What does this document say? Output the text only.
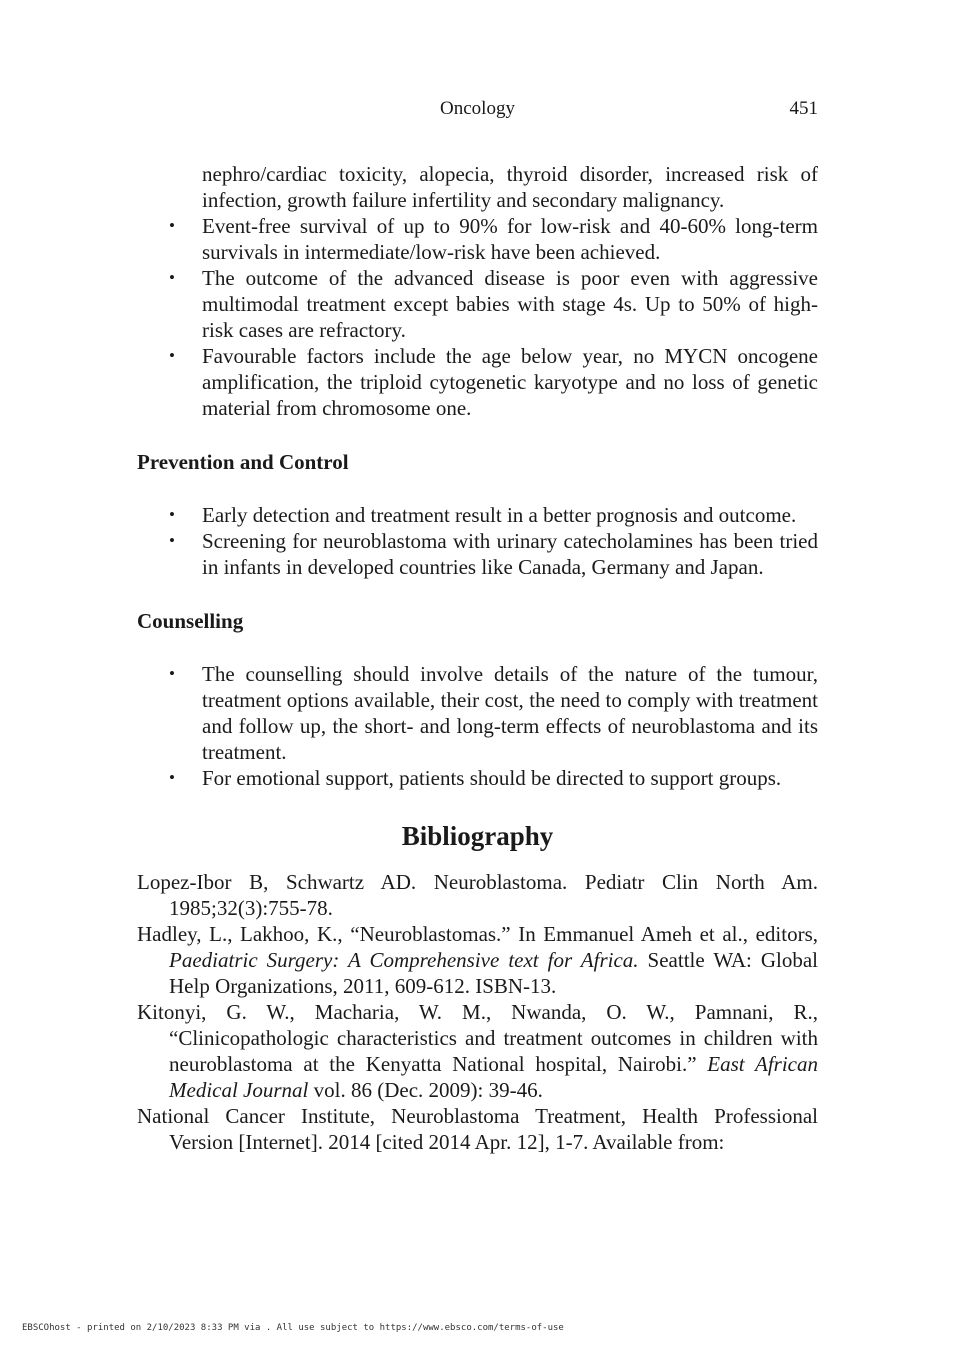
Oncology	451

nephro/cardiac toxicity, alopecia, thyroid disorder, increased risk of infection, growth failure infertility and secondary malignancy.

• Event-free survival of up to 90% for low-risk and 40-60% long-term survivals in intermediate/low-risk have been achieved.
• The outcome of the advanced disease is poor even with aggressive multimodal treatment except babies with stage 4s. Up to 50% of high-risk cases are refractory.
• Favourable factors include the age below year, no MYCN oncogene amplification, the triploid cytogenetic karyotype and no loss of genetic material from chromosome one.
Prevention and Control
• Early detection and treatment result in a better prognosis and outcome.
• Screening for neuroblastoma with urinary catecholamines has been tried in infants in developed countries like Canada, Germany and Japan.
Counselling
• The counselling should involve details of the nature of the tumour, treatment options available, their cost, the need to comply with treatment and follow up, the short- and long-term effects of neuroblastoma and its treatment.
• For emotional support, patients should be directed to support groups.
Bibliography

Lopez-Ibor B, Schwartz AD. Neuroblastoma. Pediatr Clin North Am. 1985;32(3):755-78.

Hadley, L., Lakhoo, K., “Neuroblastomas.” In Emmanuel Ameh et al., editors, Paediatric Surgery: A Comprehensive text for Africa. Seattle WA: Global Help Organizations, 2011, 609-612. ISBN-13.

Kitonyi, G. W., Macharia, W. M., Nwanda, O. W., Pamnani, R., “Clinicopathologic characteristics and treatment outcomes in children with neuroblastoma at the Kenyatta National hospital, Nairobi.” East African Medical Journal vol. 86 (Dec. 2009): 39-46.

National Cancer Institute, Neuroblastoma Treatment, Health Professional Version [Internet]. 2014 [cited 2014 Apr. 12], 1-7. Available from:

EBSCOhost - printed on 2/10/2023 8:33 PM via . All use subject to https://www.ebsco.com/terms-of-use
